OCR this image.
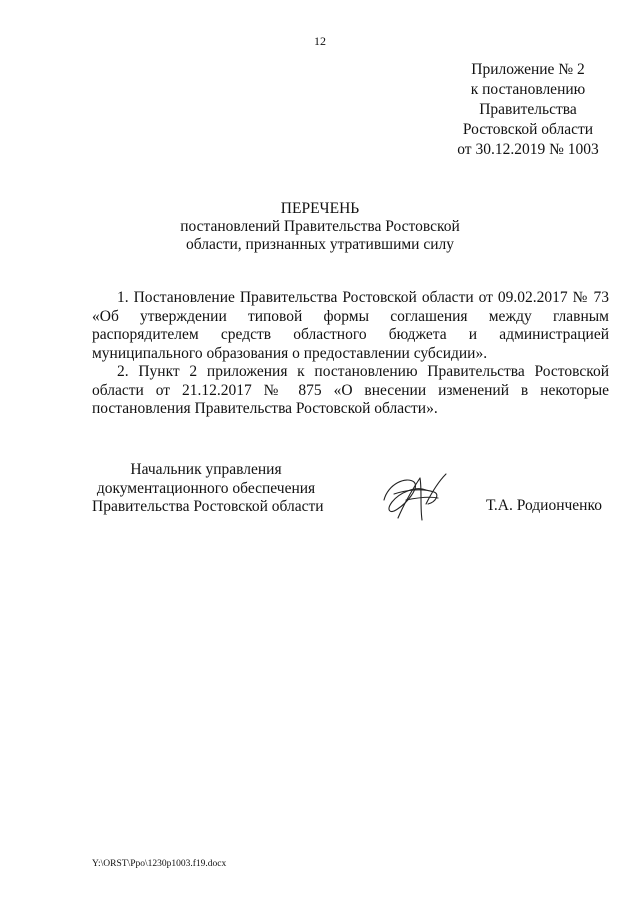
12
Приложение № 2
к постановлению
Правительства
Ростовской области
от 30.12.2019 № 1003
ПЕРЕЧЕНЬ
постановлений Правительства Ростовской
области, признанных утратившими силу

1. Постановление Правительства Ростовской области от 09.02.2017 № 73 «Об утверждении типовой формы соглашения между главным распорядителем средств областного бюджета и администрацией муниципального образования о предоставлении субсидии».

2. Пункт 2 приложения к постановлению Правительства Ростовской области от 21.12.2017 № 875 «О внесении изменений в некоторые постановления Правительства Ростовской области».

Начальник управления
документационного обеспечения
Правительства Ростовской области	Т.А. Родионченко
Y:\ORST\Ppo\1230p1003.f19.docx
